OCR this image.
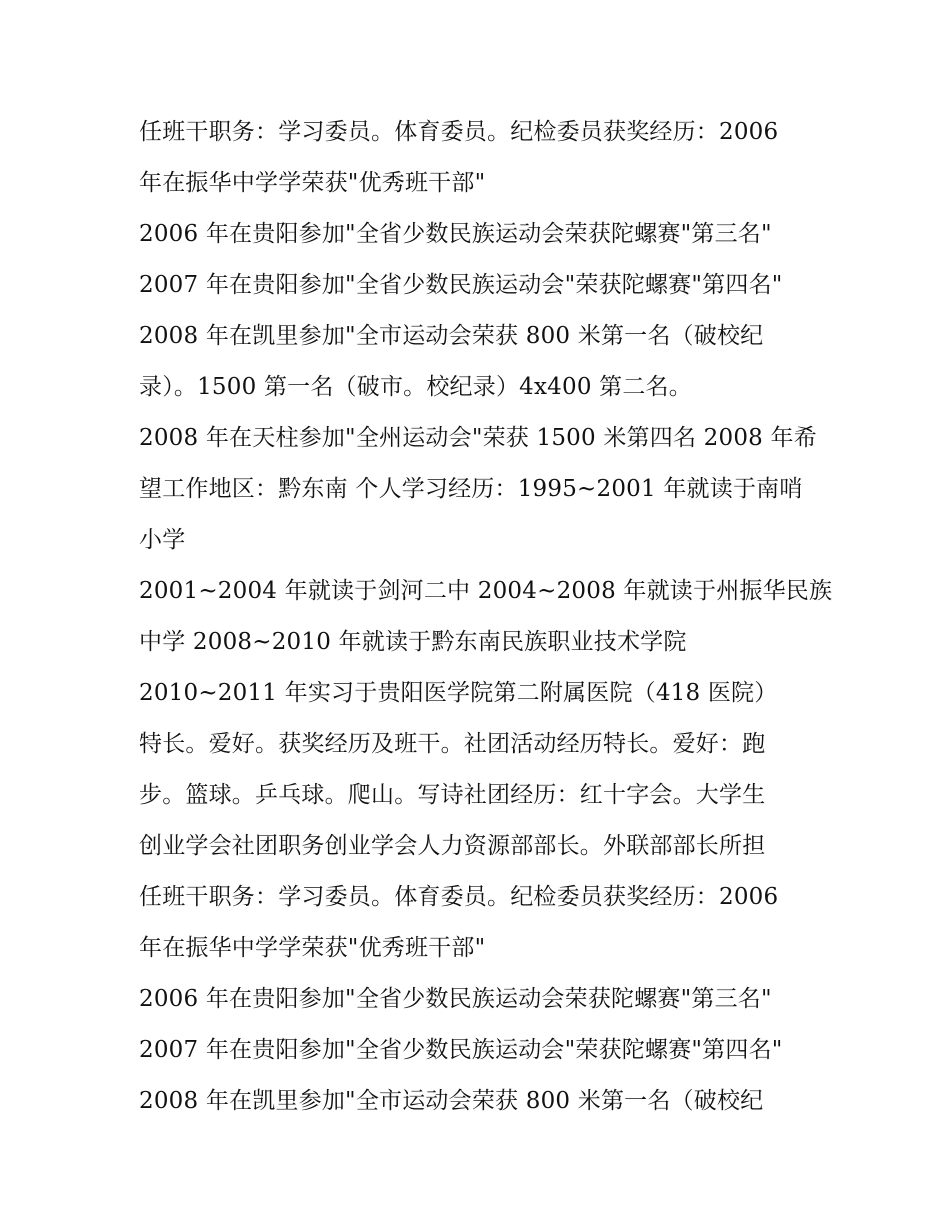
任班干职务：学习委员。体育委员。纪检委员获奖经历：2006
年在振华中学学荣获"优秀班干部"
2006 年在贵阳参加"全省少数民族运动会荣获陀螺赛"第三名"
2007 年在贵阳参加"全省少数民族运动会"荣获陀螺赛"第四名"
2008 年在凯里参加"全市运动会荣获 800 米第一名（破校纪
录）。1500 第一名（破市。校纪录）4x400 第二名。
2008 年在天柱参加"全州运动会"荣获 1500 米第四名 2008 年希
望工作地区：黔东南 个人学习经历：1995~2001 年就读于南哨
小学
2001~2004 年就读于剑河二中 2004~2008 年就读于州振华民族
中学 2008~2010 年就读于黔东南民族职业技术学院
2010~2011 年实习于贵阳医学院第二附属医院（418 医院）
特长。爱好。获奖经历及班干。社团活动经历特长。爱好：跑
步。篮球。乒乓球。爬山。写诗社团经历：红十字会。大学生
创业学会社团职务创业学会人力资源部部长。外联部部长所担
任班干职务：学习委员。体育委员。纪检委员获奖经历：2006
年在振华中学学荣获"优秀班干部"
2006 年在贵阳参加"全省少数民族运动会荣获陀螺赛"第三名"
2007 年在贵阳参加"全省少数民族运动会"荣获陀螺赛"第四名"
2008 年在凯里参加"全市运动会荣获 800 米第一名（破校纪
